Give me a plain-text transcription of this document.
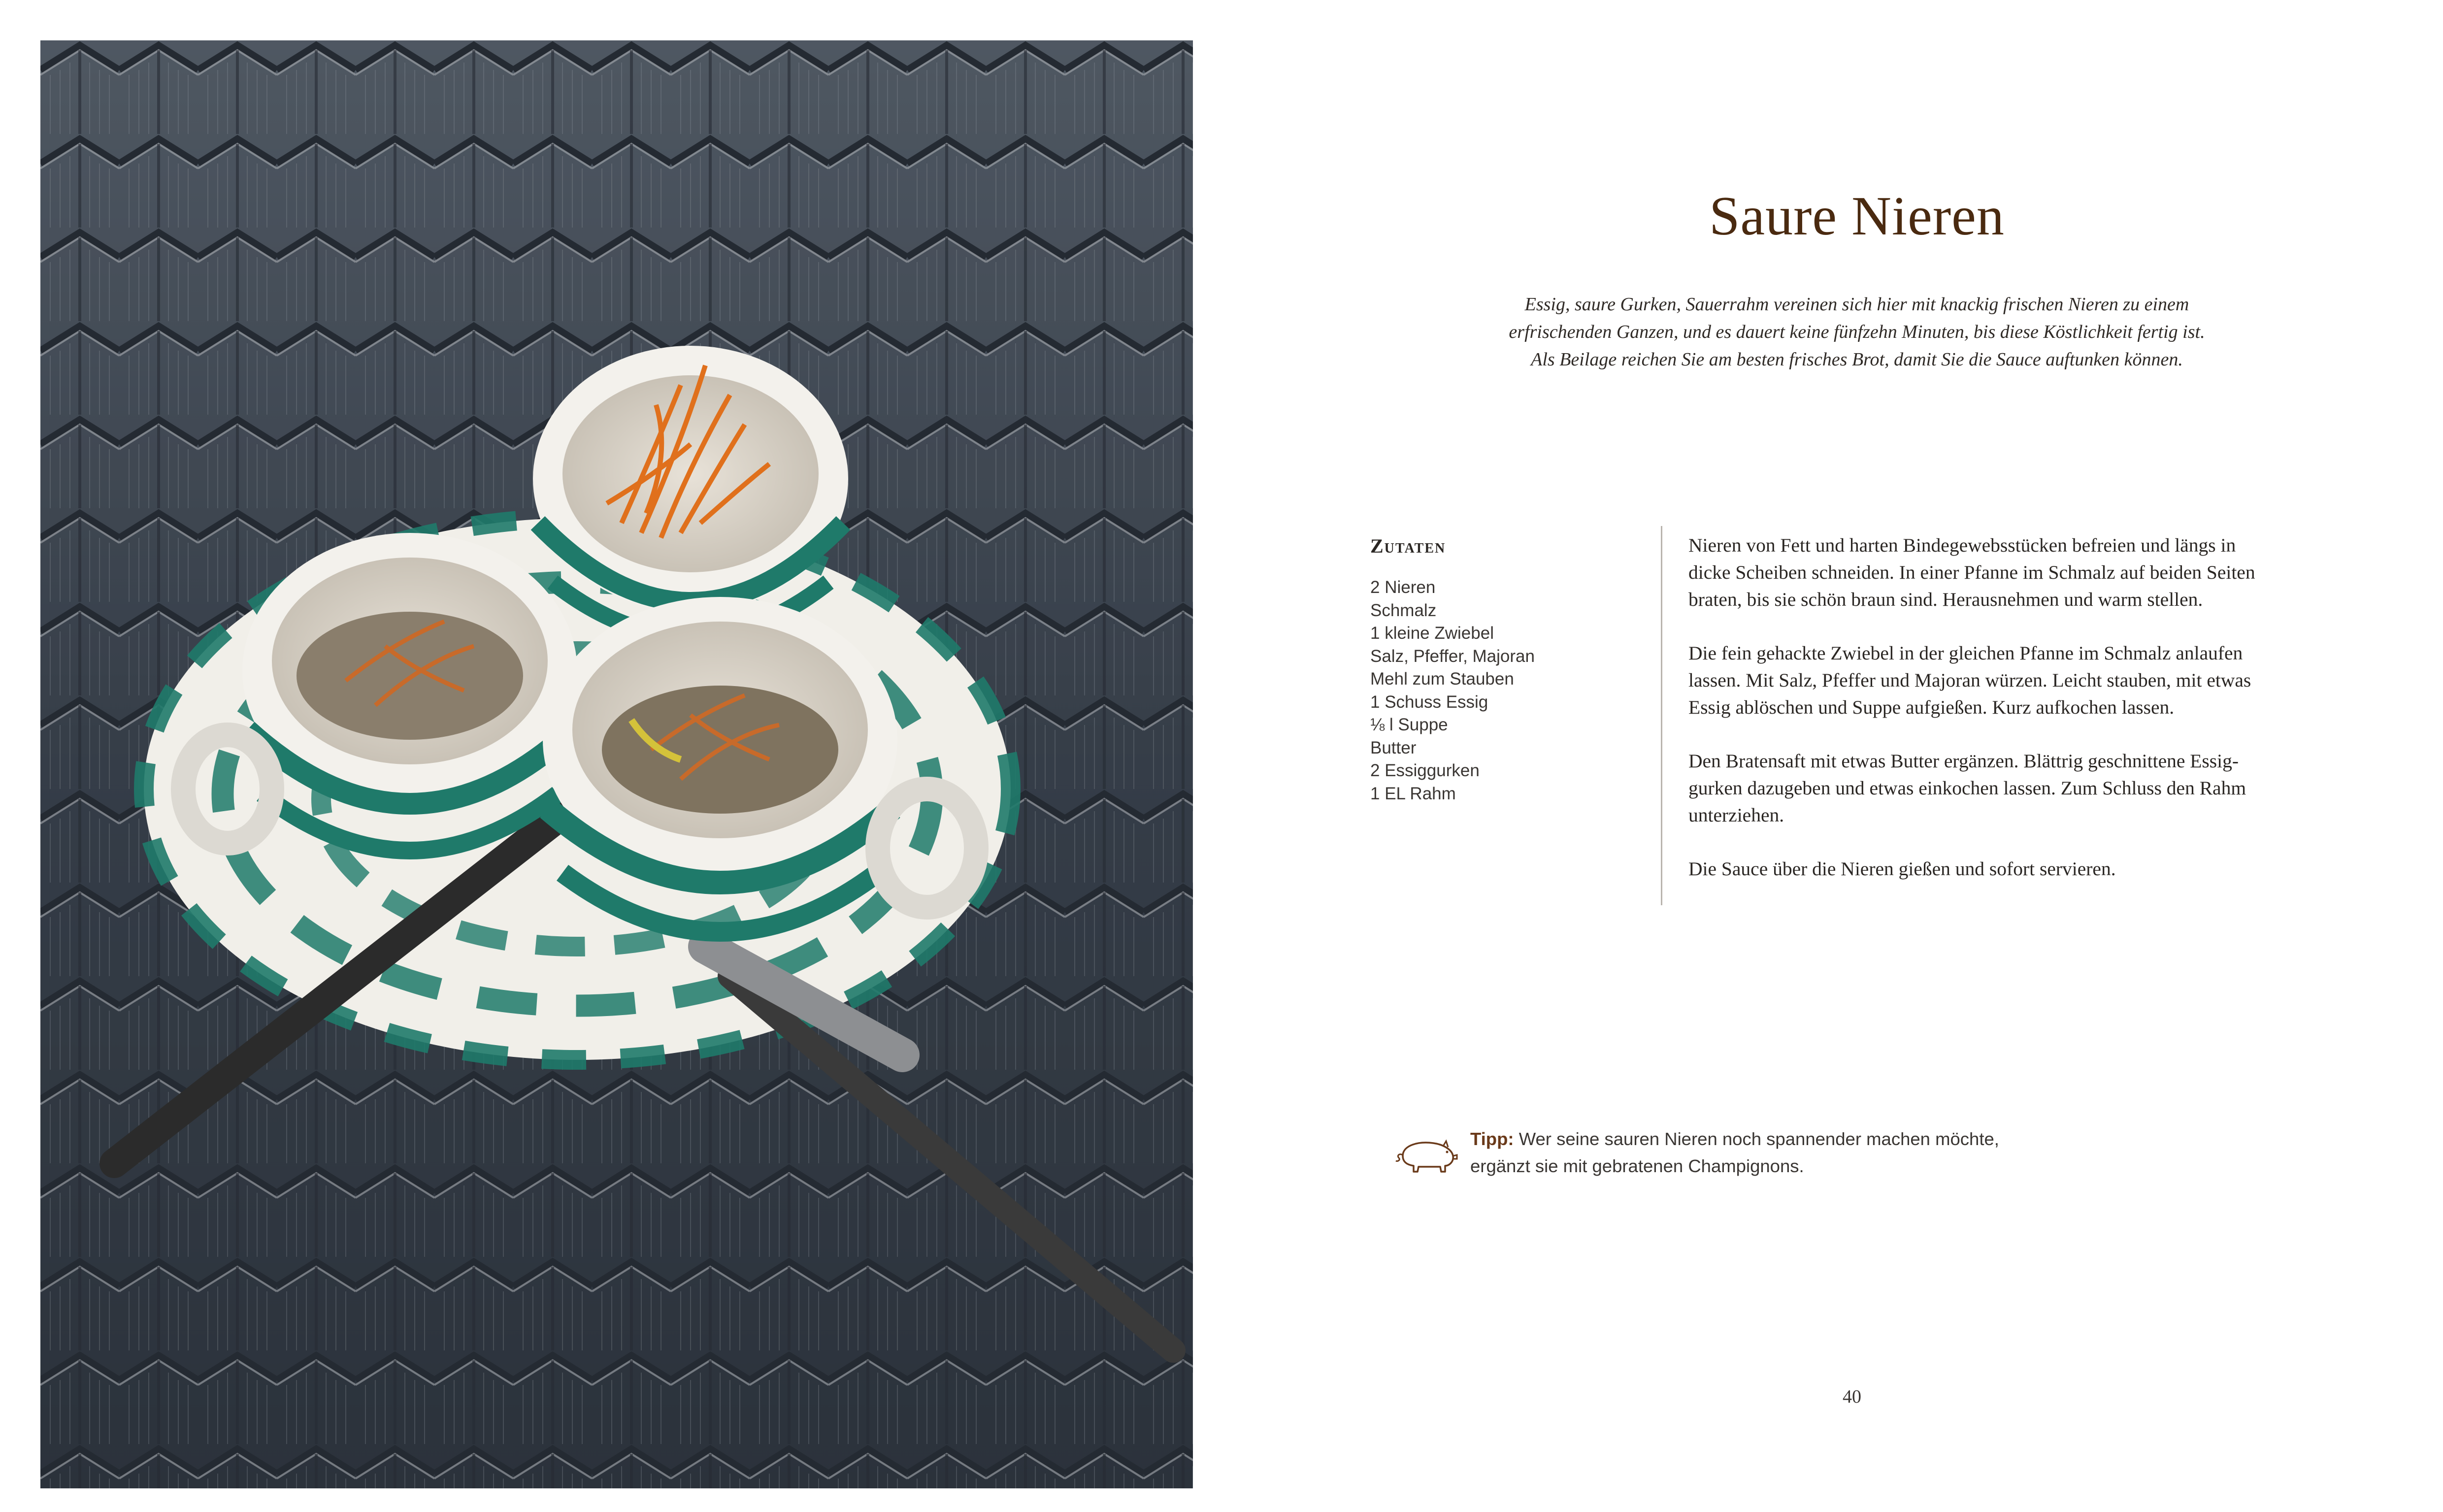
Saure Nieren
Essig, saure Gurken, Sauerrahm vereinen sich hier mit knackig frischen Nieren zu einem
erfrischenden Ganzen, und es dauert keine fünfzehn Minuten, bis diese Köstlichkeit fertig ist.
Als Beilage reichen Sie am besten frisches Brot, damit Sie die Sauce auftunken können.
Zutaten
2 Nieren
Schmalz
1 kleine Zwiebel
Salz, Pfeffer, Majoran
Mehl zum Stauben
1 Schuss Essig
⅛ l Suppe
Butter
2 Essiggurken
1 EL Rahm

Nieren von Fett und harten Bindegewebsstücken befreien und längs in
dicke Scheiben schneiden. In einer Pfanne im Schmalz auf beiden Seiten
braten, bis sie schön braun sind. Herausnehmen und warm stellen.

Die fein gehackte Zwiebel in der gleichen Pfanne im Schmalz anlaufen
lassen. Mit Salz, Pfeffer und Majoran würzen. Leicht stauben, mit etwas
Essig ablöschen und Suppe aufgießen. Kurz aufkochen lassen.

Den Bratensaft mit etwas Butter ergänzen. Blättrig geschnittene Essig-
gurken dazugeben und etwas einkochen lassen. Zum Schluss den Rahm
unterziehen.

Die Sauce über die Nieren gießen und sofort servieren.

Tipp: Wer seine sauren Nieren noch spannender machen möchte,
ergänzt sie mit gebratenen Champignons.
40
